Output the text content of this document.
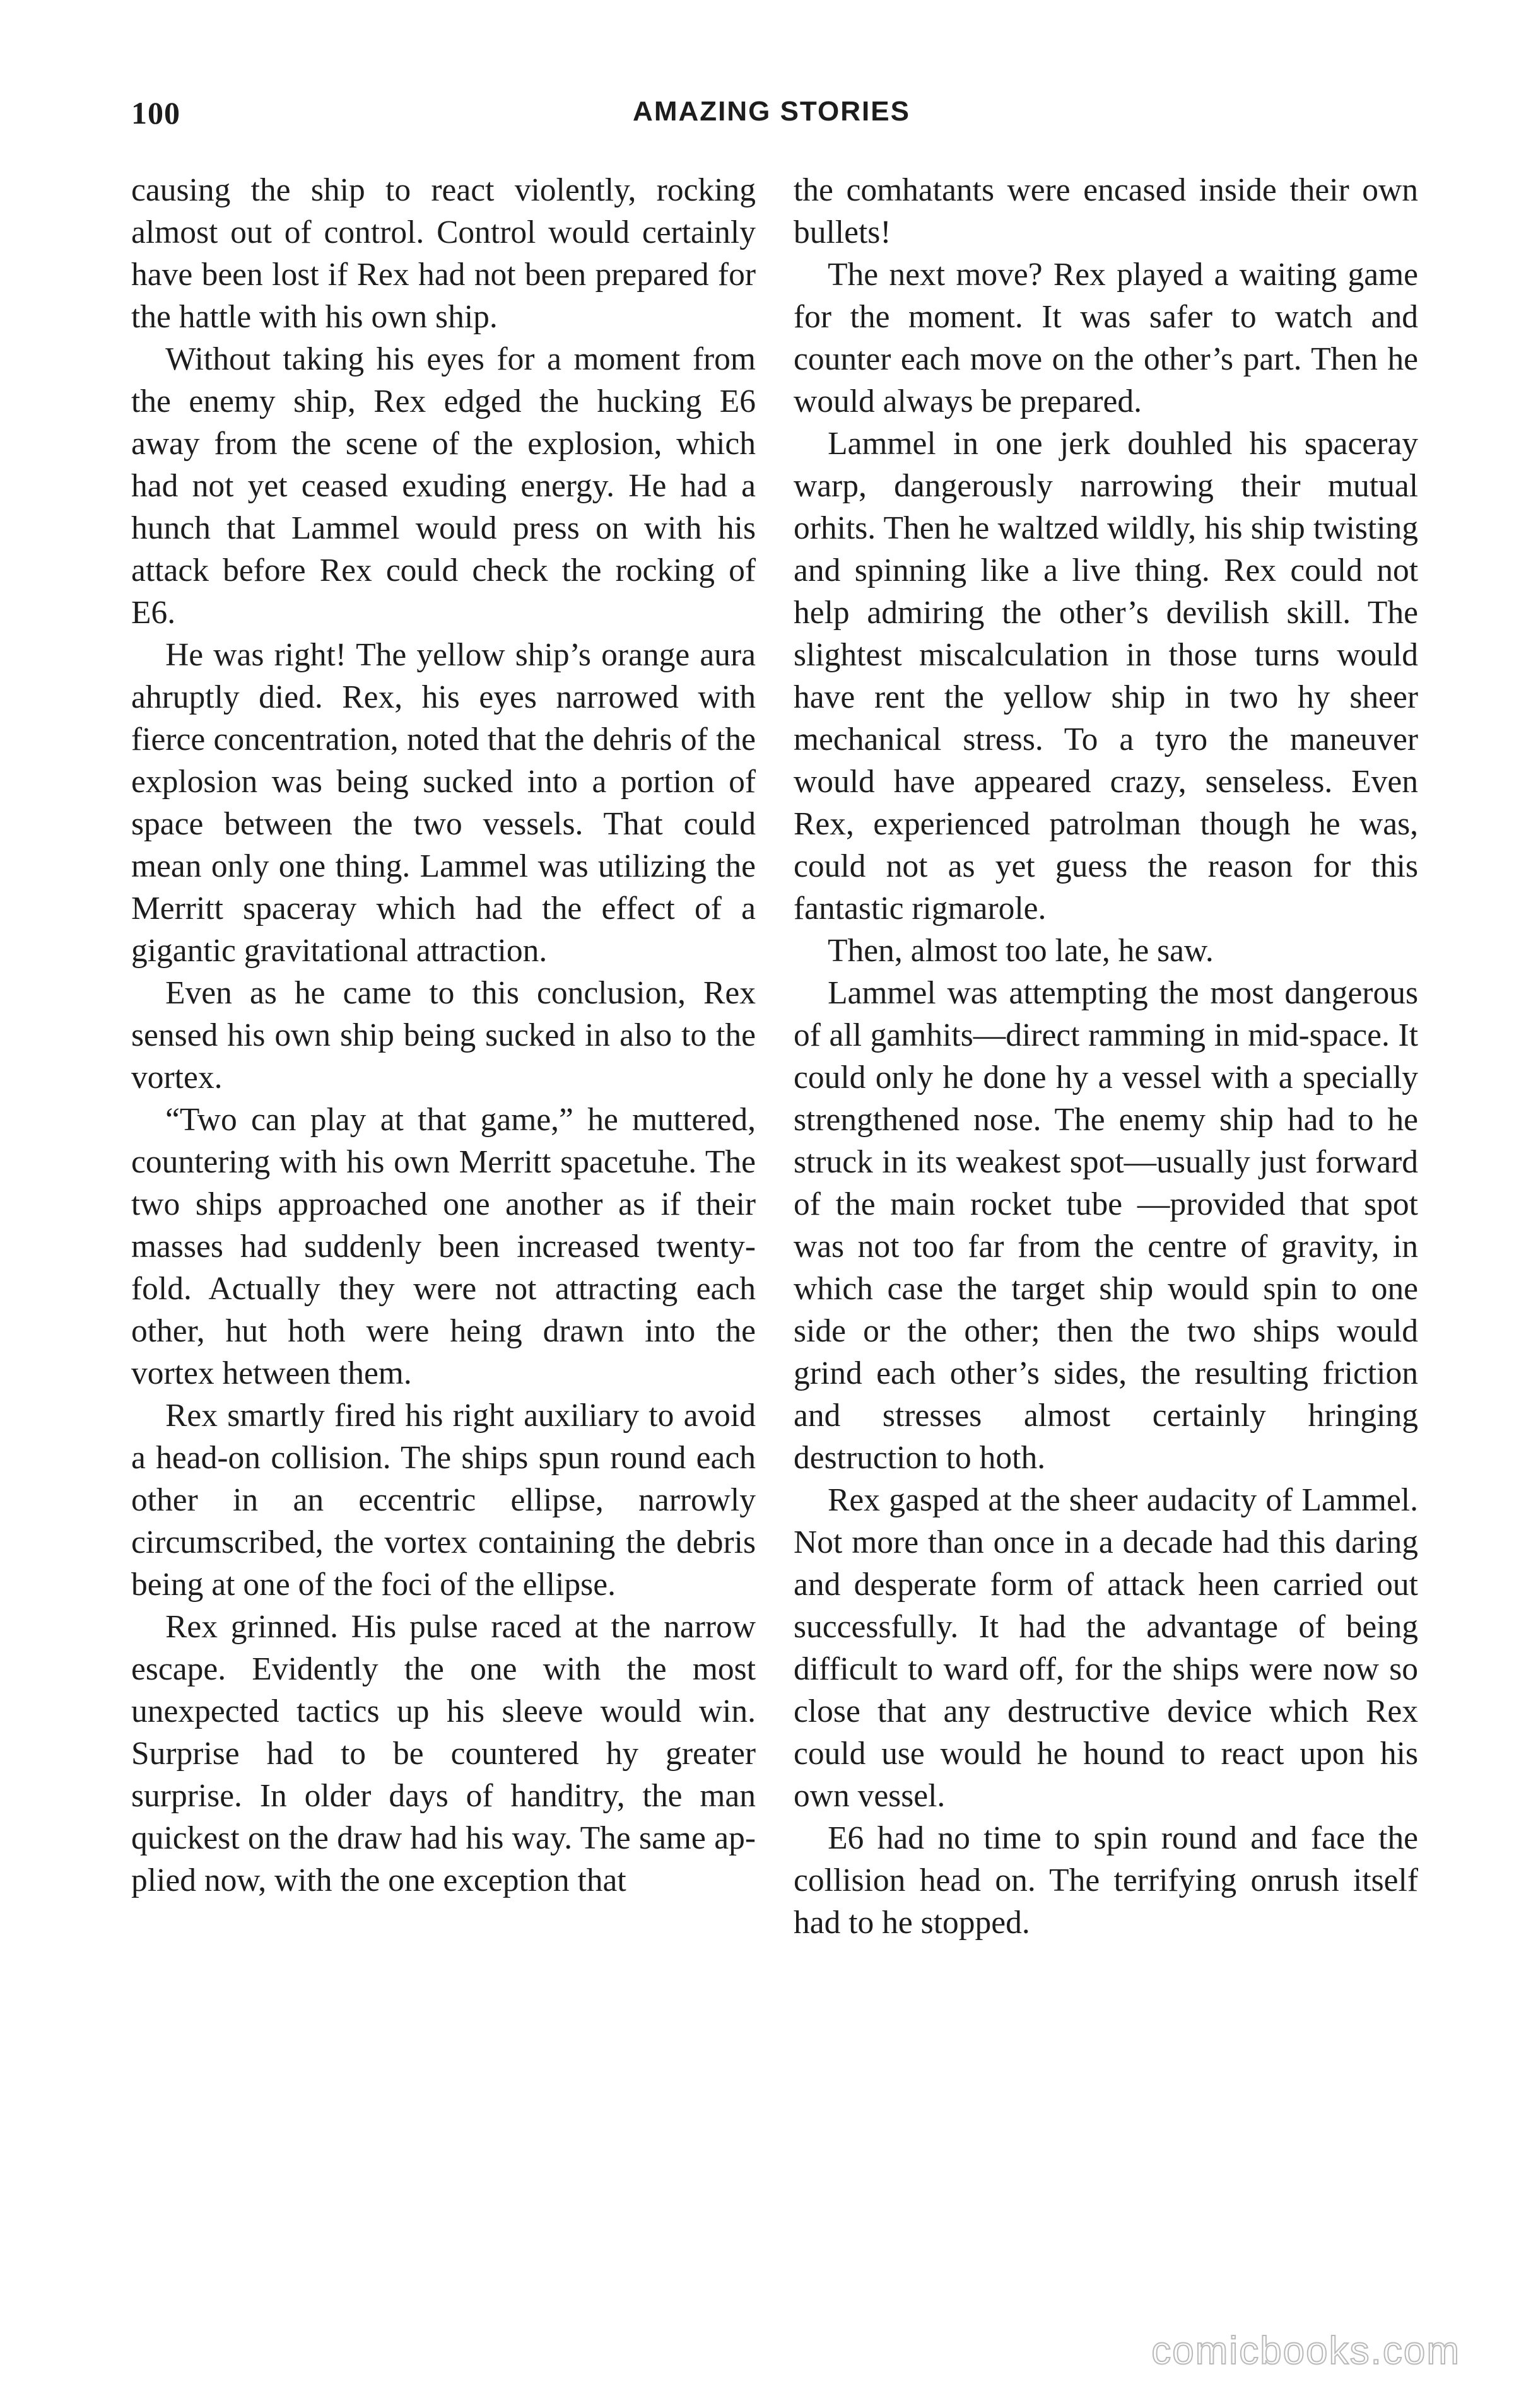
100	AMAZING STORIES

causing the ship to react violently, rocking almost out of control. Control would certainly have been lost if Rex had not been prepared for the hattle with his own ship.

Without taking his eyes for a moment from the enemy ship, Rex edged the hucking E6 away from the scene of the explosion, which had not yet ceased exuding energy. He had a hunch that Lammel would press on with his attack before Rex could check the rocking of E6.

He was right! The yellow ship’s orange aura ahruptly died. Rex, his eyes narrowed with fierce concentration, noted that the dehris of the explosion was being sucked into a portion of space between the two vessels. That could mean only one thing. Lammel was utilizing the Merritt spaceray which had the effect of a gigantic gravitational attraction.

Even as he came to this conclusion, Rex sensed his own ship being sucked in also to the vortex.

“Two can play at that game,” he muttered, countering with his own Merritt spacetuhe. The two ships approached one another as if their masses had suddenly been increased twentyfold. Actually they were not attracting each other, hut hoth were heing drawn into the vortex hetween them.

Rex smartly fired his right auxiliary to avoid a head-on collision. The ships spun round each other in an eccentric ellipse, narrowly circumscribed, the vortex containing the debris being at one of the foci of the ellipse.

Rex grinned. His pulse raced at the narrow escape. Evidently the one with the most unexpected tactics up his sleeve would win. Surprise had to be countered hy greater surprise. In older days of handitry, the man quickest on the draw had his way. The same applied now, with the one exception that

the comhatants were encased inside their own bullets!

The next move? Rex played a waiting game for the moment. It was safer to watch and counter each move on the other’s part. Then he would always be prepared.

Lammel in one jerk douhled his spaceray warp, dangerously narrowing their mutual orhits. Then he waltzed wildly, his ship twisting and spinning like a live thing. Rex could not help admiring the other’s devilish skill. The slightest miscalculation in those turns would have rent the yellow ship in two hy sheer mechanical stress. To a tyro the maneuver would have appeared crazy, senseless. Even Rex, experienced patrolman though he was, could not as yet guess the reason for this fantastic rigmarole.

Then, almost too late, he saw.

Lammel was attempting the most dangerous of all gamhits—direct ramming in mid-space. It could only he done hy a vessel with a specially strengthened nose. The enemy ship had to he struck in its weakest spot—usually just forward of the main rocket tube —provided that spot was not too far from the centre of gravity, in which case the target ship would spin to one side or the other; then the two ships would grind each other’s sides, the resulting friction and stresses almost certainly hringing destruction to hoth.

Rex gasped at the sheer audacity of Lammel. Not more than once in a decade had this daring and desperate form of attack heen carried out successfully. It had the advantage of being difficult to ward off, for the ships were now so close that any destructive device which Rex could use would he hound to react upon his own vessel.

E6 had no time to spin round and face the collision head on. The terrifying onrush itself had to he stopped.

comicbooks.com
